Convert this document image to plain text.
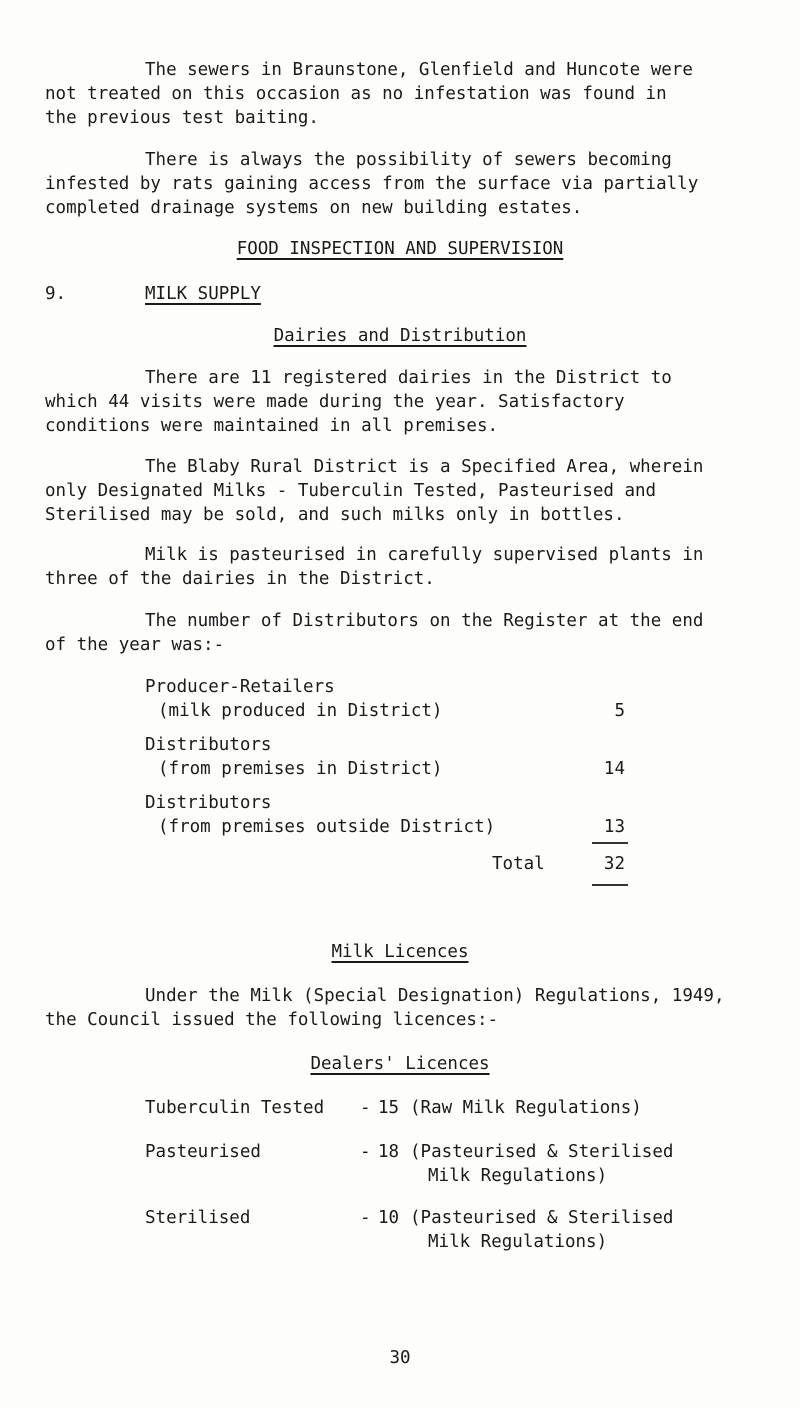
The sewers in Braunstone, Glenfield and Huncote were
not treated on this occasion as no infestation was found in
the previous test baiting.
There is always the possibility of sewers becoming
infested by rats gaining access from the surface via partially
completed drainage systems on new building estates.
FOOD INSPECTION AND SUPERVISION
9.	MILK SUPPLY
Dairies and Distribution
There are 11 registered dairies in the District to
which 44 visits were made during the year. Satisfactory
conditions were maintained in all premises.
The Blaby Rural District is a Specified Area, wherein
only Designated Milks - Tuberculin Tested, Pasteurised and
Sterilised may be sold, and such milks only in bottles.
Milk is pasteurised in carefully supervised plants in
three of the dairies in the District.
The number of Distributors on the Register at the end
of the year was:-
Producer-Retailers
(milk produced in District)	5
Distributors
(from premises in District)	14
Distributors
(from premises outside District)	13
Total	32
Milk Licences
Under the Milk (Special Designation) Regulations, 1949,
the Council issued the following licences:-
Dealers' Licences
Tuberculin Tested - 15 (Raw Milk Regulations)
Pasteurised	- 18 (Pasteurised & Sterilised
Milk Regulations)
Sterilised	- 10 (Pasteurised & Sterilised
Milk Regulations)
30
